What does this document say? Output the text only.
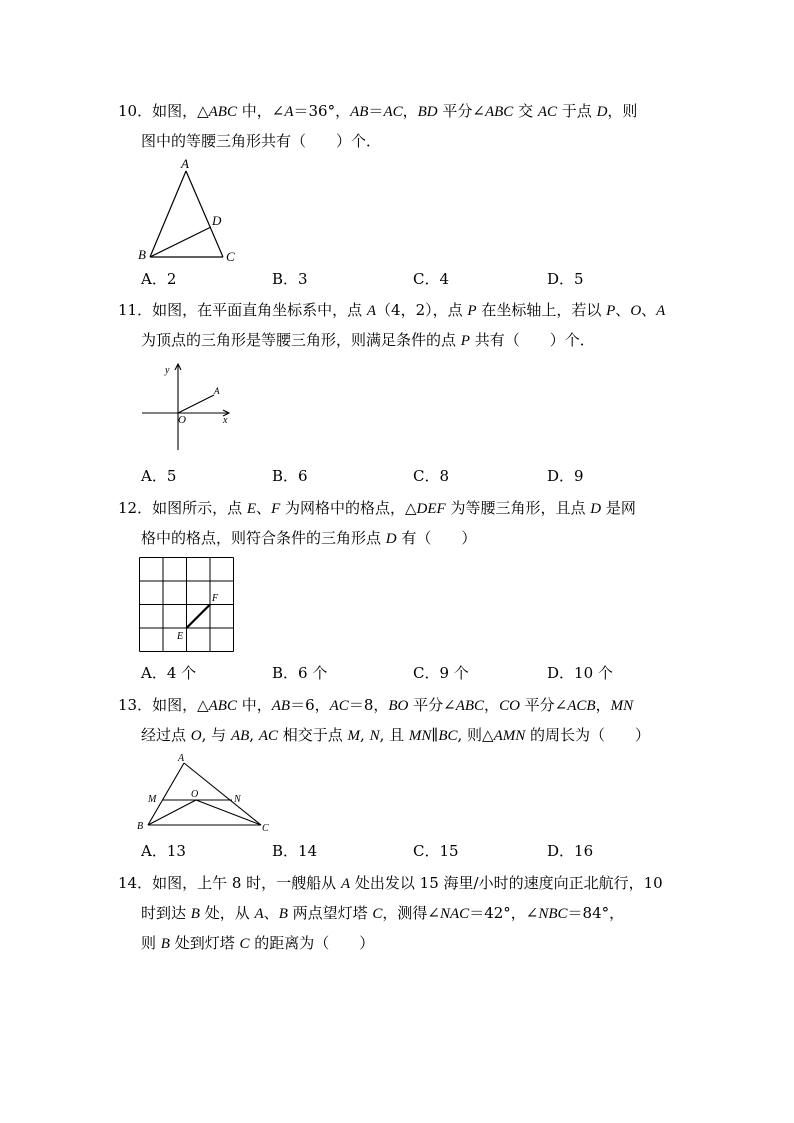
10．如图，△ABC 中，∠A＝36°，AB＝AC，BD 平分∠ABC 交 AC 于点 D，则
图中的等腰三角形共有（　　）个．
A
B	C
D
A．2	B．3	C．4	D．5
11．如图，在平面直角坐标系中，点 A（4，2），点 P 在坐标轴上，若以 P、O、A
为顶点的三角形是等腰三角形，则满足条件的点 P 共有（　　）个．
y
x
O
A
A．5	B．6	C．8	D．9
12．如图所示，点 E、F 为网格中的格点，△DEF 为等腰三角形，且点 D 是网
格中的格点，则符合条件的三角形点 D 有（　　）
E
F
A．4 个	B．6 个	C．9 个	D．10 个
13．如图，△ABC 中，AB＝6，AC＝8，BO 平分∠ABC，CO 平分∠ACB，MN
经过点 O, 与 AB, AC 相交于点 M, N, 且 MN∥BC, 则△AMN 的周长为（　　）
A
M	O	N
B	C
A．13	B．14	C．15	D．16
14．如图，上午 8 时，一艘船从 A 处出发以 15 海里/小时的速度向正北航行，10
时到达 B 处，从 A、B 两点望灯塔 C，测得∠NAC＝42°，∠NBC＝84°，
则 B 处到灯塔 C 的距离为（　　）
